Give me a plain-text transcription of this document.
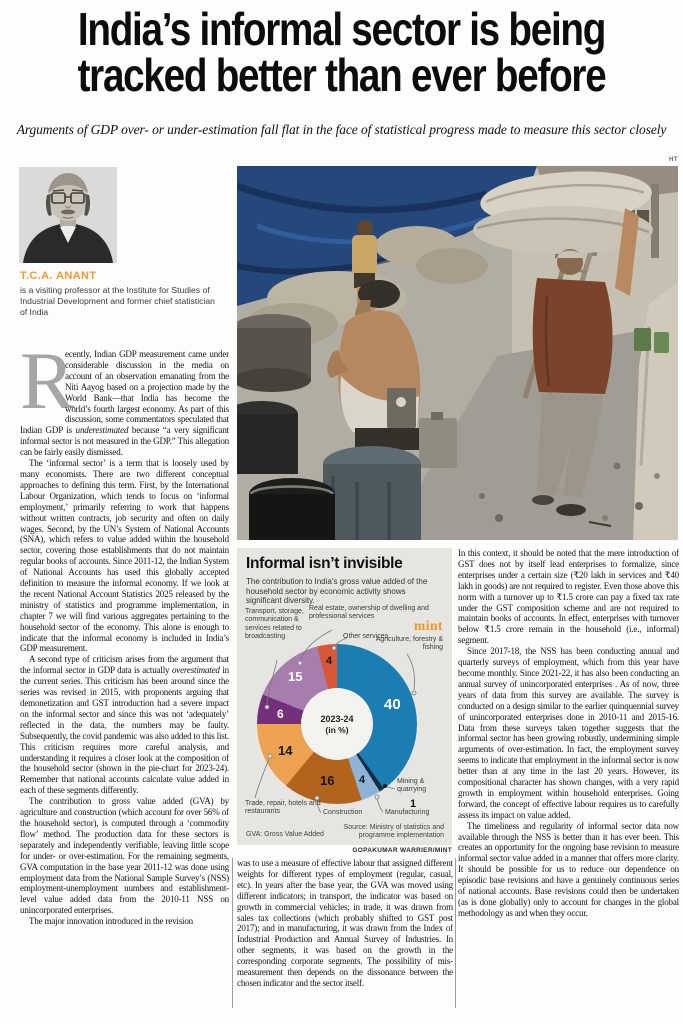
India’s informal sector is being
tracked better than ever before
Arguments of GDP over- or under-estimation fall flat in the face of statistical progress made to measure this sector closely
T.C.A. ANANT
is a visiting professor at the Institute for Studies of Industrial Development and former chief statistician of India
HT

R
ecently, Indian GDP measurement came under considerable discussion in the media on account of an observation emanating from the Niti Aayog based on a projection made by the World Bank—that India has become the world’s fourth largest economy. As part of this discussion, some commentators speculated that Indian GDP is underestimated because “a very significant informal sector is not measured in the GDP.” This allegation can be fairly easily dismissed.

The ‘informal sector’ is a term that is loosely used by many economists. There are two different conceptual approaches to defining this term. First, by the International Labour Organization, which tends to focus on ‘informal employment,’ primarily referring to work that happens without written contracts, job security and often on daily wages. Second, by the UN’s System of National Accounts (SNA), which refers to value added within the household sector, covering those establishments that do not maintain regular books of accounts. Since 2011-12, the Indian System of National Accounts has used this globally accepted definition to measure the informal economy. If we look at the recent National Account Statistics 2025 released by the ministry of statistics and programme implementation, in chapter 7 we will find various aggregates pertaining to the household sector of the economy. This alone is enough to indicate that the informal economy is included in India’s GDP measurement.

A second type of criticism arises from the argument that the informal sector in GDP data is actually overestimated in the current series. This criticism has been around since the series was revised in 2015, with proponents arguing that demonetization and GST introduction had a severe impact on the informal sector and since this was not ‘adequately’ reflected in the data, the numbers may be faulty. Subsequently, the covid pandemic was also added to this list. This criticism requires more careful analysis, and understanding it requires a closer look at the composition of the household sector (shown in the pie-chart for 2023-24). Remember that national accounts calculate value added in each of these segments differently.

The contribution to gross value added (GVA) by agriculture and construction (which account for over 56% of the household sector), is computed through a ‘commodity flow’ method. The production data for these sectors is separately and independently verifiable, leaving little scope for under- or over-estimation. For the remaining segments, GVA computation in the base year 2011-12 was done using employment data from the National Sample Survey’s (NSS) employment-unemployment numbers and establishment-level value added data from the 2010-11 NSS on unincorporated enterprises.

The major innovation introduced in the revision

Informal isn’t invisible
The contribution to India’s gross value added of the household sector by economic activity shows significant diversity.
mint
2023-24
(in %)
Transport, storage, communication & services related to broadcasting
Real estate, ownership of dwelling and professional services
Other services
Agriculture, forestry & fishing
Mining & quarrying
Manufacturing
Construction
Trade, repair, hotels and restaurants
40
1
4
16
14
6
15
4
GVA: Gross Value Added
Source: Ministry of statistics and programme implementation
GOPAKUMAR WARRIER/MINT

was to use a measure of effective labour that assigned different weights for different types of employment (regular, casual, etc). In years after the base year, the GVA was moved using different indicators; in transport, the indicator was based on growth in commercial vehicles; in trade, it was drawn from sales tax collections (which probably shifted to GST post 2017); and in manufacturing, it was drawn from the Index of Industrial Production and Annual Survey of Industries. In other segments, it was based on the growth in the corresponding corporate segments. The possibility of mis-measurement then depends on the dissonance between the chosen indicator and the sector itself.

In this context, it should be noted that the mere introduction of GST does not by itself lead enterprises to formalize, since enterprises under a certain size (₹20 lakh in services and ₹40 lakh in goods) are not required to register. Even those above this norm with a turnover up to ₹1.5 crore can pay a fixed tax rate under the GST composition scheme and are not required to maintain books of accounts. In effect, enterprises with turnover below ₹1.5 crore remain in the household (i.e., informal) segment.

Since 2017-18, the NSS has been conducting annual and quarterly surveys of employment, which from this year have become monthly. Since 2021-22, it has also been conducting an annual survey of unincorporated enterprises . As of now, three years of data from this survey are available. The survey is conducted on a design similar to the earlier quinquennial survey of unincorporated enterprises done in 2010-11 and 2015-16. Data from these surveys taken together suggests that the informal sector has been growing robustly, undermining simple arguments of over-estimation. In fact, the employment survey seems to indicate that employment in the informal sector is now better than at any time in the last 20 years. However, its compositional character has shown changes, with a very rapid growth in employment within household enterprises. Going forward, the concept of effective labour requires us to carefully assess its impact on value added.

The timeliness and regularity of informal sector data now available through the NSS is better than it has ever been. This creates an opportunity for the ongoing base revision to measure informal sector value added in a manner that offers more clarity. It should be possible for us to reduce our dependence on episodic base revisions and have a genuinely continuous series of national accounts. Base revisions could then be undertaken (as is done globally) only to account for changes in the global methodology as and when they occur.
